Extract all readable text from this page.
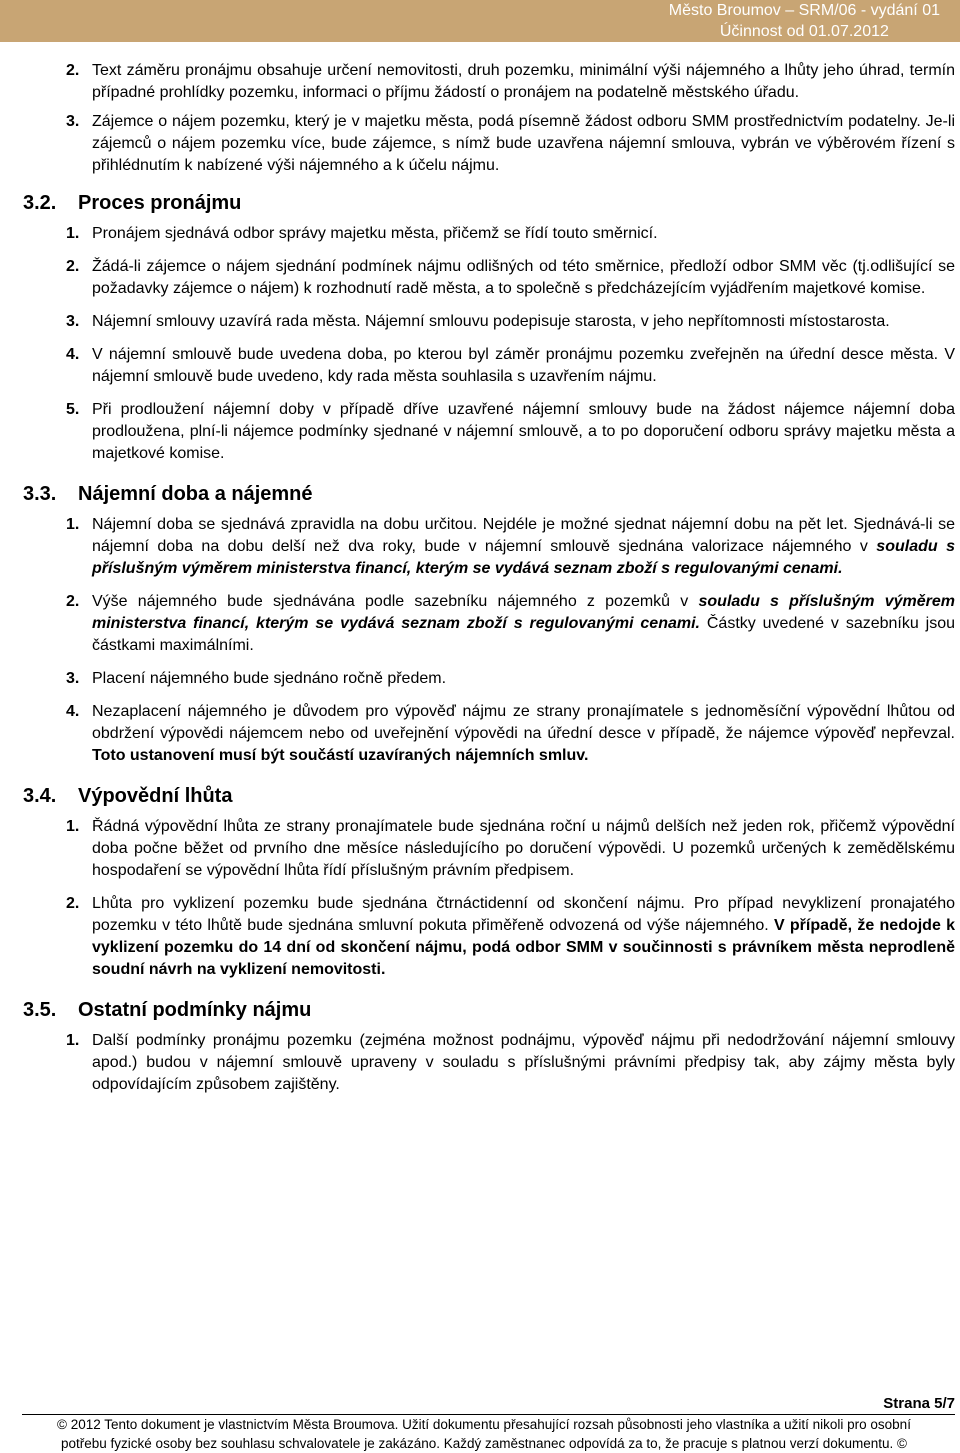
Město Broumov – SRM/06 - vydání 01
Účinnost od 01.07.2012
2. Text záměru pronájmu obsahuje určení nemovitosti, druh pozemku, minimální výši nájemného a lhůty jeho úhrad, termín případné prohlídky pozemku, informaci o příjmu žádostí o pronájem na podatelně městského úřadu.
3. Zájemce o nájem pozemku, který je v majetku města, podá písemně žádost odboru SMM prostřednictvím podatelny. Je-li zájemců o nájem pozemku více, bude zájemce, s nímž bude uzavřena nájemní smlouva, vybrán ve výběrovém řízení s přihlédnutím k nabízené výši nájemného a k účelu nájmu.
3.2. Proces pronájmu
1. Pronájem sjednává odbor správy majetku města, přičemž se řídí touto směrnicí.
2. Žádá-li zájemce o nájem sjednání podmínek nájmu odlišných od této směrnice, předloží odbor SMM věc (tj.odlišující se požadavky zájemce o nájem) k rozhodnutí radě města, a to společně s předcházejícím vyjádřením majetkové komise.
3. Nájemní smlouvy uzavírá rada města. Nájemní smlouvu podepisuje starosta, v jeho nepřítomnosti místostarosta.
4. V nájemní smlouvě bude uvedena doba, po kterou byl záměr pronájmu pozemku zveřejněn na úřední desce města. V nájemní smlouvě bude uvedeno, kdy rada města souhlasila s uzavřením nájmu.
5. Při prodloužení nájemní doby v případě dříve uzavřené nájemní smlouvy bude na žádost nájemce nájemní doba prodloužena, plní-li nájemce podmínky sjednané v nájemní smlouvě, a to po doporučení odboru správy majetku města a majetkové komise.
3.3. Nájemní doba a nájemné
1. Nájemní doba se sjednává zpravidla na dobu určitou. Nejdéle je možné sjednat nájemní dobu na pět let. Sjednává-li se nájemní doba na dobu delší než dva roky, bude v nájemní smlouvě sjednána valorizace nájemného v souladu s příslušným výměrem ministerstva financí, kterým se vydává seznam zboží s regulovanými cenami.
2. Výše nájemného bude sjednávána podle sazebníku nájemného z pozemků v souladu s příslušným výměrem ministerstva financí, kterým se vydává seznam zboží s regulovanými cenami. Částky uvedené v sazebníku jsou částkami maximálními.
3. Placení nájemného bude sjednáno ročně předem.
4. Nezaplacení nájemného je důvodem pro výpověď nájmu ze strany pronajímatele s jednoměsíční výpovědní lhůtou od obdržení výpovědi nájemcem nebo od uveřejnění výpovědi na úřední desce v případě, že nájemce výpověď nepřevzal. Toto ustanovení musí být součástí uzavíraných nájemních smluv.
3.4. Výpovědní lhůta
1. Řádná výpovědní lhůta ze strany pronajímatele bude sjednána roční u nájmů delších než jeden rok, přičemž výpovědní doba počne běžet od prvního dne měsíce následujícího po doručení výpovědi. U pozemků určených k zemědělskému hospodaření se výpovědní lhůta řídí příslušným právním předpisem.
2. Lhůta pro vyklizení pozemku bude sjednána čtrnáctidenní od skončení nájmu. Pro případ nevyklizení pronajatého pozemku v této lhůtě bude sjednána smluvní pokuta přiměřeně odvozená od výše nájemného. V případě, že nedojde k vyklizení pozemku do 14 dní od skončení nájmu, podá odbor SMM v součinnosti s právníkem města neprodleně soudní návrh na vyklizení nemovitosti.
3.5. Ostatní podmínky nájmu
1. Další podmínky pronájmu pozemku (zejména možnost podnájmu, výpověď nájmu při nedodržování nájemní smlouvy apod.) budou v nájemní smlouvě upraveny v souladu s příslušnými právními předpisy tak, aby zájmy města byly odpovídajícím způsobem zajištěny.
Strana 5/7
© 2012 Tento dokument je vlastnictvím Města Broumova. Užití dokumentu přesahující rozsah působnosti jeho vlastníka a užití nikoli pro osobní
potřebu fyzické osoby bez souhlasu schvalovatele je zakázáno. Každý zaměstnanec odpovídá za to, že pracuje s platnou verzí dokumentu. ©
